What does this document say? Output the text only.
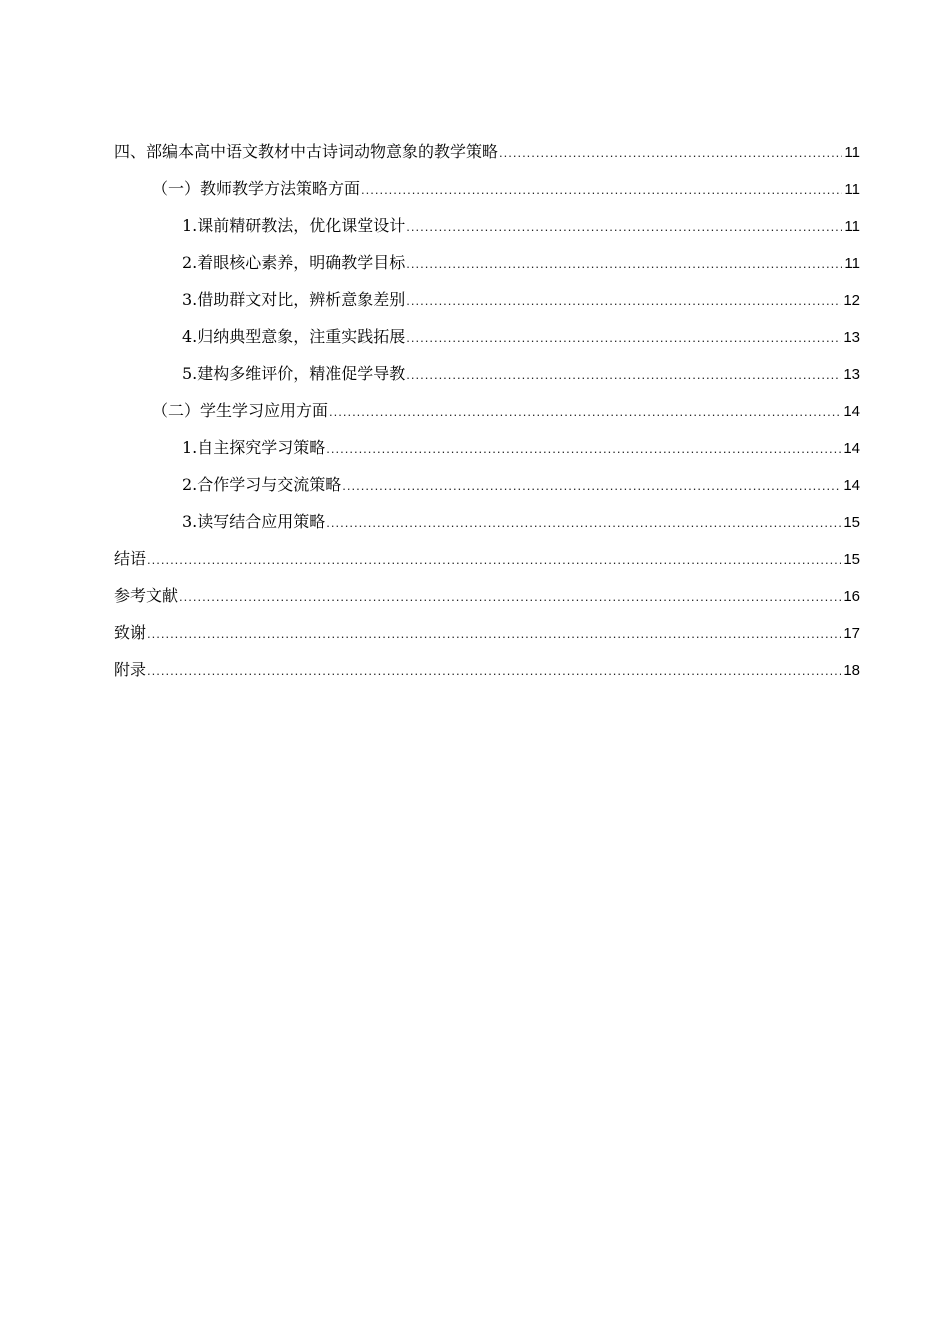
四、部编本高中语文教材中古诗词动物意象的教学策略 .....	11
（一）教师教学方法策略方面 .....	11
1.课前精研教法，优化课堂设计 .....	11
2.着眼核心素养，明确教学目标 .....	11
3.借助群文对比，辨析意象差别 .....	12
4.归纳典型意象，注重实践拓展 .....	13
5.建构多维评价，精准促学导教 .....	13
（二）学生学习应用方面 .....	14
1.自主探究学习策略 .....	14
2.合作学习与交流策略 .....	14
3.读写结合应用策略 .....	15
结语 .....	15
参考文献 .....	16
致谢 .....	17
附录 .....	18
